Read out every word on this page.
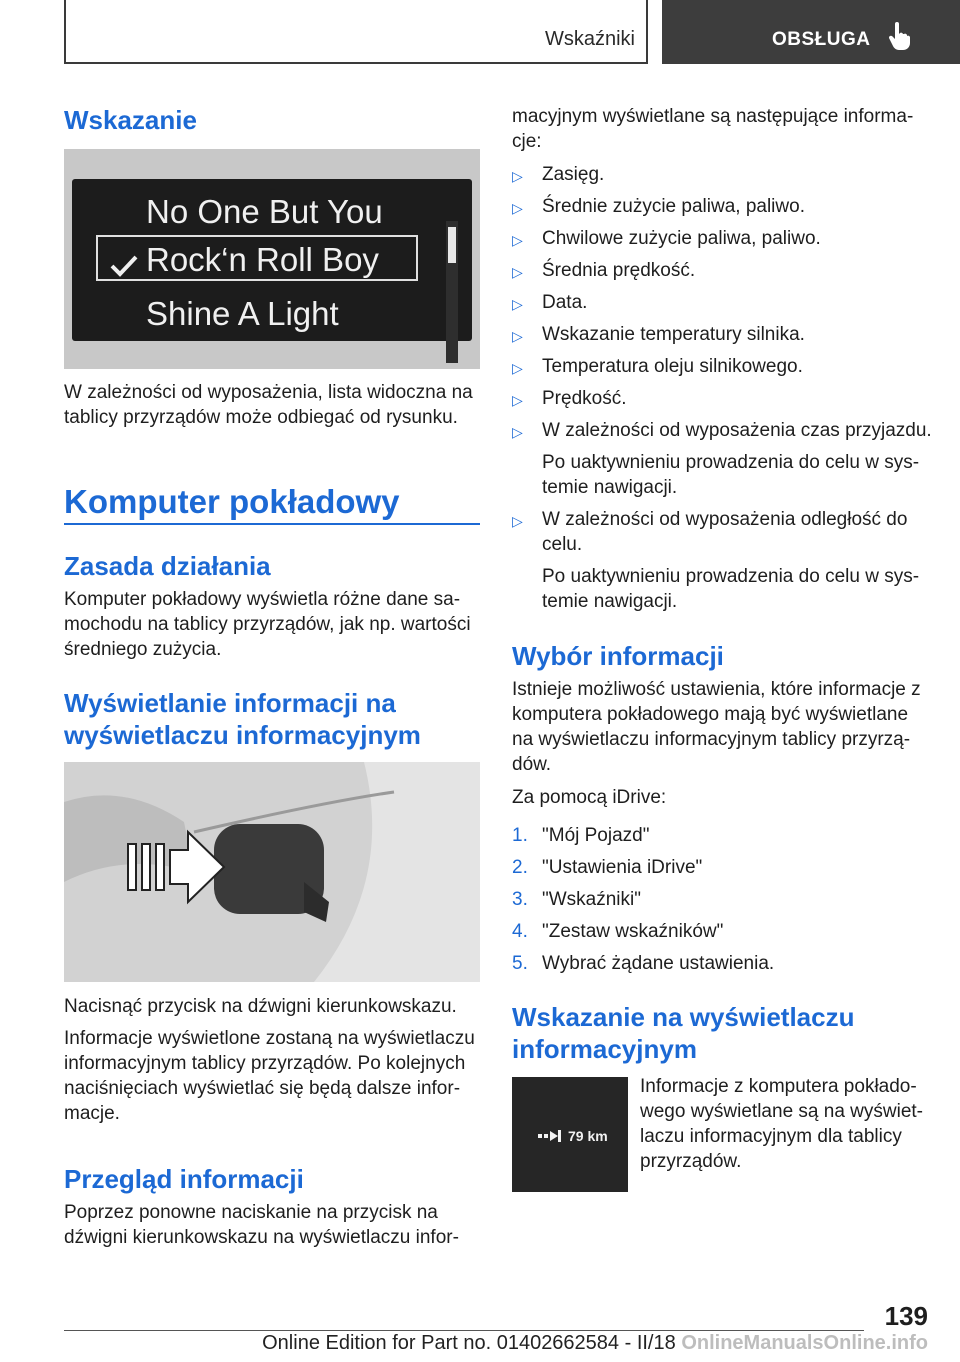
Wskaźniki	OBSŁUGA
Wskazanie
No One But You
Rock‘n Roll Boy
Shine A Light
W zależności od wyposażenia, lista widoczna na
tablicy przyrządów może odbiegać od rysunku.
Komputer pokładowy
Zasada działania
Komputer pokładowy wyświetla różne dane sa-
mochodu na tablicy przyrządów, jak np. wartości
średniego zużycia.
Wyświetlanie informacji na
wyświetlaczu informacyjnym
Nacisnąć przycisk na dźwigni kierunkowskazu.
Informacje wyświetlone zostaną na wyświetlaczu
informacyjnym tablicy przyrządów. Po kolejnych
naciśnięciach wyświetlać się będą dalsze infor-
macje.
Przegląd informacji
Poprzez ponowne naciskanie na przycisk na
dźwigni kierunkowskazu na wyświetlaczu infor-
macyjnym wyświetlane są następujące informa-
cje:
▷ Zasięg.
▷ Średnie zużycie paliwa, paliwo.
▷ Chwilowe zużycie paliwa, paliwo.
▷ Średnia prędkość.
▷ Data.
▷ Wskazanie temperatury silnika.
▷ Temperatura oleju silnikowego.
▷ Prędkość.
▷ W zależności od wyposażenia czas przyjazdu.
Po uaktywnieniu prowadzenia do celu w sys-
temie nawigacji.
▷ W zależności od wyposażenia odległość do
celu.
Po uaktywnieniu prowadzenia do celu w sys-
temie nawigacji.
Wybór informacji
Istnieje możliwość ustawienia, które informacje z
komputera pokładowego mają być wyświetlane
na wyświetlaczu informacyjnym tablicy przyrzą-
dów.
Za pomocą iDrive:
1. "Mój Pojazd"
2. "Ustawienia iDrive"
3. "Wskaźniki"
4. "Zestaw wskaźników"
5. Wybrać żądane ustawienia.
Wskazanie na wyświetlaczu
informacyjnym
79 km
Informacje z komputera pokłado-
wego wyświetlane są na wyświet-
laczu informacyjnym dla tablicy
przyrządów.
139
Online Edition for Part no. 01402662584 - II/18 OnlineManualsOnline.info
